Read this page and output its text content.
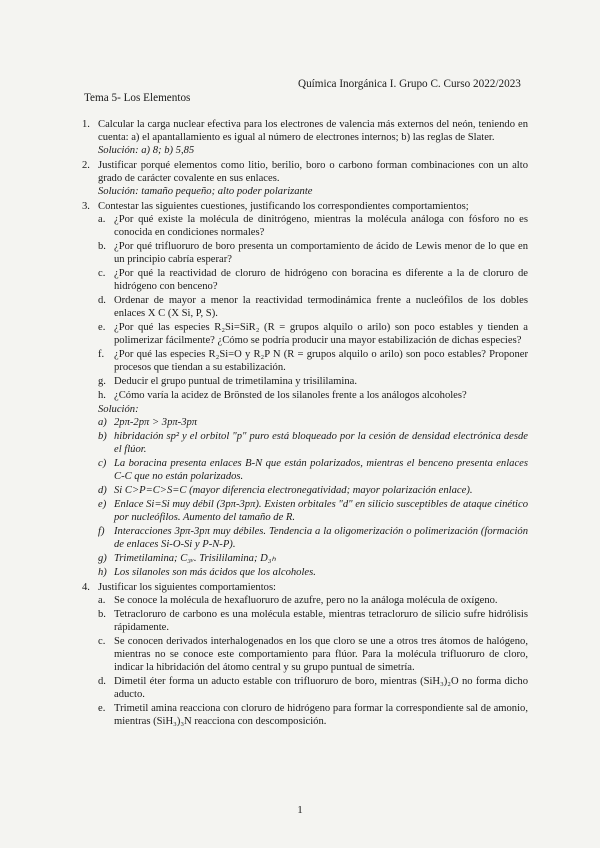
Química Inorgánica I. Grupo C. Curso 2022/2023
Tema 5- Los Elementos
1. Calcular la carga nuclear efectiva para los electrones de valencia más externos del neón, teniendo en cuenta: a) el apantallamiento es igual al número de electrones internos; b) las reglas de Slater.
Solución: a) 8; b) 5,85
2. Justificar porqué elementos como litio, berilio, boro o carbono forman combinaciones con un alto grado de carácter covalente en sus enlaces.
Solución: tamaño pequeño; alto poder polarizante
3. Contestar las siguientes cuestiones, justificando los correspondientes comportamientos;
a. ¿Por qué existe la molécula de dinitrógeno, mientras la molécula análoga con fósforo no es conocida en condiciones normales?
b. ¿Por qué trifluoruro de boro presenta un comportamiento de ácido de Lewis menor de lo que en un principio cabría esperar?
c. ¿Por qué la reactividad de cloruro de hidrógeno con boracina es diferente a la de cloruro de hidrógeno con benceno?
d. Ordenar de mayor a menor la reactividad termodinámica frente a nucleófilos de los dobles enlaces X C (X Si, P, S).
e. ¿Por qué las especies R₂Si=SiR₂ (R = grupos alquilo o arilo) son poco estables y tienden a polimerizar fácilmente? ¿Cómo se podría producir una mayor estabilización de dichas especies?
f. ¿Por qué las especies R₂Si=O y R₂P N (R = grupos alquilo o arilo) son poco estables? Proponer procesos que tiendan a su estabilización.
g. Deducir el grupo puntual de trimetilamina y trisililamina.
h. ¿Cómo varía la acidez de Brönsted de los silanoles frente a los análogos alcoholes?
Solución:
a) 2pπ-2pπ > 3pπ-3pπ
b) hibridación sp² y el orbitol "p" puro está bloqueado por la cesión de densidad electrónica desde el flúor.
c) La boracina presenta enlaces B-N que están polarizados, mientras el benceno presenta enlaces C-C que no están polarizados.
d) Si C>P=C>S=C (mayor diferencia electronegatividad; mayor polarización enlace).
e) Enlace Si=Si muy débil (3pπ-3pπ). Existen orbitales "d" en silicio susceptibles de ataque cinético por nucleófilos. Aumento del tamaño de R.
f) Interacciones 3pπ-3pπ muy débiles. Tendencia a la oligomerización o polimerización (formación de enlaces Si-O-Si y P-N-P).
g) Trimetilamina; C₃ᵥ. Trisililamina; D₃ₕ
h) Los silanoles son más ácidos que los alcoholes.
4. Justificar los siguientes comportamientos:
a. Se conoce la molécula de hexafluoruro de azufre, pero no la análoga molécula de oxígeno.
b. Tetracloruro de carbono es una molécula estable, mientras tetracloruro de silicio sufre hidrólisis rápidamente.
c. Se conocen derivados interhalogenados en los que cloro se une a otros tres átomos de halógeno, mientras no se conoce este comportamiento para flúor. Para la molécula trifluoruro de cloro, indicar la hibridación del átomo central y su grupo puntual de simetría.
d. Dimetil éter forma un aducto estable con trifluoruro de boro, mientras (SiH₃)₂O no forma dicho aducto.
e. Trimetil amina reacciona con cloruro de hidrógeno para formar la correspondiente sal de amonio, mientras (SiH₃)₃N reacciona con descomposición.
1
